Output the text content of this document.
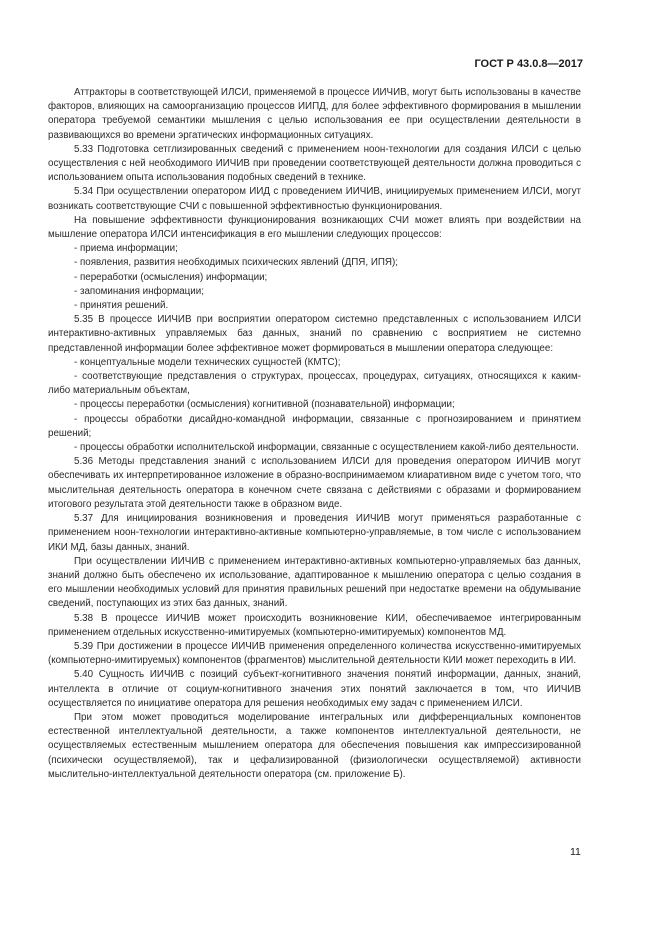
ГОСТ Р 43.0.8—2017

Аттракторы в соответствующей ИЛСИ, применяемой в процессе ИИЧИВ, могут быть использованы в качестве факторов, влияющих на самоорганизацию процессов ИИПД, для более эффективного формирования в мышлении оператора требуемой семантики мышления с целью использования ее при осуществлении деятельности в развивающихся во времени эргатических информационных ситуациях.

5.33 Подготовка сетглизированных сведений с применением ноон-технологии для создания ИЛСИ с целью осуществления с ней необходимого ИИЧИВ при проведении соответствующей деятельности должна проводиться с использованием опыта использования подобных сведений в технике.

5.34 При осуществлении оператором ИИД с проведением ИИЧИВ, инициируемых применением ИЛСИ, могут возникать соответствующие СЧИ с повышенной эффективностью функционирования.

На повышение эффективности функционирования возникающих СЧИ может влиять при воздействии на мышление оператора ИЛСИ интенсификация в его мышлении следующих процессов:

- приема информации;

- появления, развития необходимых психических явлений (ДПЯ, ИПЯ);

- переработки (осмысления) информации;

- запоминания информации;

- принятия решений.

5.35 В процессе ИИЧИВ при восприятии оператором системно представленных с использованием ИЛСИ интерактивно-активных управляемых баз данных, знаний по сравнению с восприятием не системно представленной информации более эффективное может формироваться в мышлении оператора следующее:

- концептуальные модели технических сущностей (КМТС);

- соответствующие представления о структурах, процессах, процедурах, ситуациях, относящихся к каким-либо материальным объектам,

- процессы переработки (осмысления) когнитивной (познавательной) информации;

- процессы обработки дисайдно-командной информации, связанные с прогнозированием и принятием решений;

- процессы обработки исполнительской информации, связанные с осуществлением какой-либо деятельности.

5.36 Методы представления знаний с использованием ИЛСИ для проведения оператором ИИЧИВ могут обеспечивать их интерпретированное изложение в образно-воспринимаемом клиаративном виде с учетом того, что мыслительная деятельность оператора в конечном счете связана с действиями с образами и формированием итогового результата этой деятельности также в образном виде.

5.37 Для инициирования возникновения и проведения ИИЧИВ могут применяться разработанные с применением ноон-технологии интерактивно-активные компьютерно-управляемые, в том числе с использованием ИКИ МД, базы данных, знаний.

При осуществлении ИИЧИВ с применением интерактивно-активных компьютерно-управляемых баз данных, знаний должно быть обеспечено их использование, адаптированное к мышлению оператора с целью создания в его мышлении необходимых условий для принятия правильных решений при недостатке времени на обдумывание сведений, поступающих из этих баз данных, знаний.

5.38 В процессе ИИЧИВ может происходить возникновение КИИ, обеспечиваемое интегрированным применением отдельных искусственно-имитируемых (компьютерно-имитируемых) компонентов МД.

5.39 При достижении в процессе ИИЧИВ применения определенного количества искусственно-имитируемых (компьютерно-имитируемых) компонентов (фрагментов) мыслительной деятельности КИИ может переходить в ИИ.

5.40 Сущность ИИЧИВ с позиций субъект-когнитивного значения понятий информации, данных, знаний, интеллекта в отличие от социум-когнитивного значения этих понятий заключается в том, что ИИЧИВ осуществляется по инициативе оператора для решения необходимых ему задач с применением ИЛСИ.

При этом может проводиться моделирование интегральных или дифференциальных компонентов естественной интеллектуальной деятельности, а также компонентов интеллектуальной деятельности, не осуществляемых естественным мышлением оператора для обеспечения повышения как импрессизированной (психически осуществляемой), так и цефализированной (физиологически осуществляемой) активности мыслительно-интеллектуальной деятельности оператора (см. приложение Б).

11
